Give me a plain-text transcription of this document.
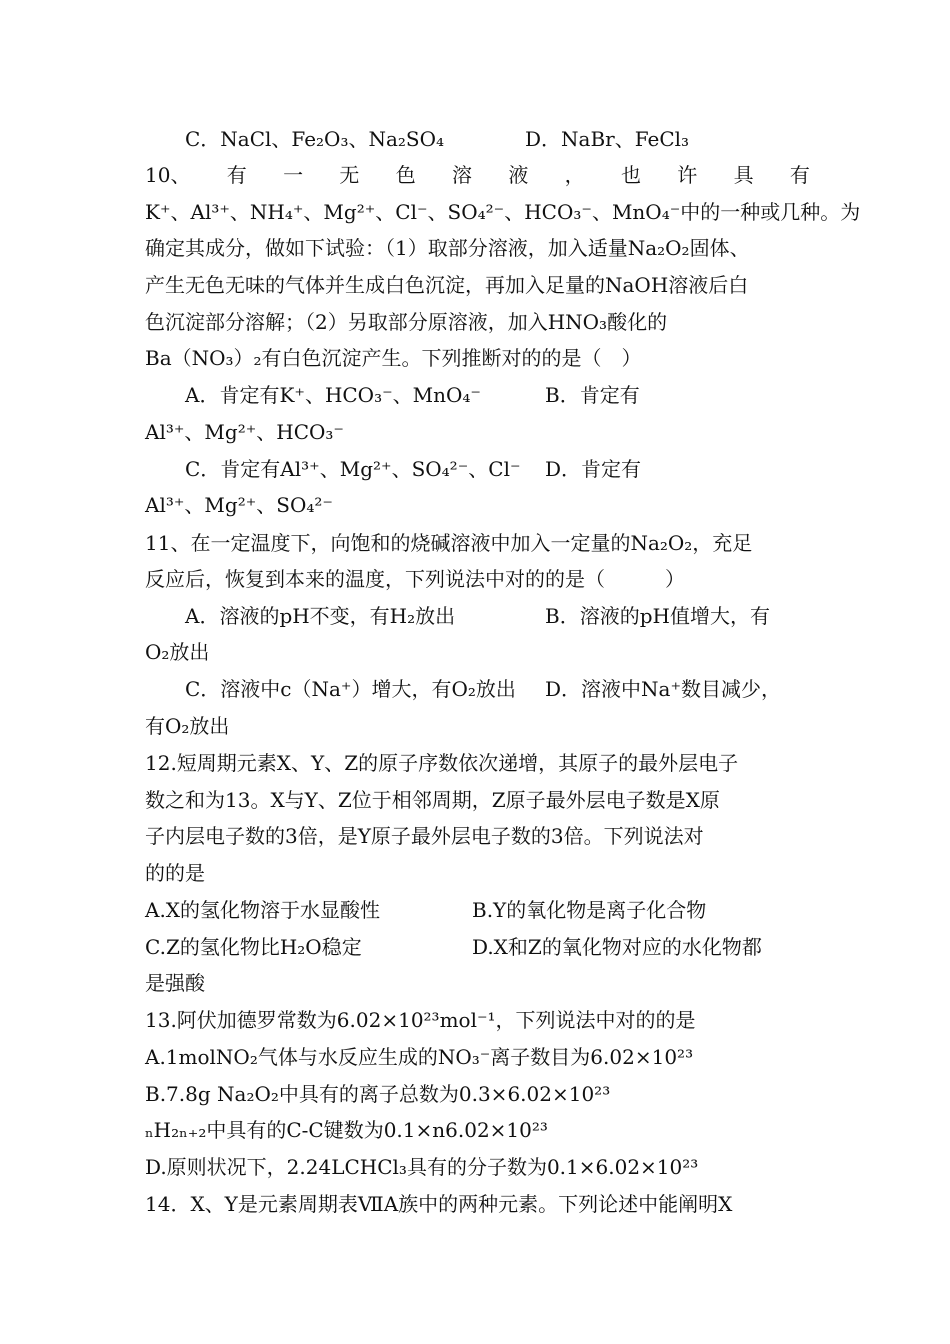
C．NaCl、Fe₂O₃、Na₂SO₄	D．NaBr、FeCl₃
10、 有 一 无 色 溶 液 ， 也 许 具 有
K⁺、Al³⁺、NH₄⁺、Mg²⁺、Cl⁻、SO₄²⁻、HCO₃⁻、MnO₄⁻中的一种或几种。为
确定其成分，做如下试验：（1）取部分溶液，加入适量Na₂O₂固体、
产生无色无味的气体并生成白色沉淀，再加入足量的NaOH溶液后白
色沉淀部分溶解；（2）另取部分原溶液，加入HNO₃酸化的
Ba（NO₃）₂有白色沉淀产生。下列推断对的的是（　）
A．肯定有K⁺、HCO₃⁻、MnO₄⁻	B．肯定有
Al³⁺、Mg²⁺、HCO₃⁻
C．肯定有Al³⁺、Mg²⁺、SO₄²⁻、Cl⁻	D．肯定有
Al³⁺、Mg²⁺、SO₄²⁻
11、在一定温度下，向饱和的烧碱溶液中加入一定量的Na₂O₂，充足
反应后，恢复到本来的温度，下列说法中对的的是（　　　）
A．溶液的pH不变，有H₂放出	B．溶液的pH值增大，有
O₂放出
C．溶液中c（Na⁺）增大，有O₂放出	D．溶液中Na⁺数目减少，
有O₂放出
12.短周期元素X、Y、Z的原子序数依次递增，其原子的最外层电子
数之和为13。X与Y、Z位于相邻周期，Z原子最外层电子数是X原
子内层电子数的3倍，是Y原子最外层电子数的3倍。下列说法对
的的是
A.X的氢化物溶于水显酸性	B.Y的氧化物是离子化合物
C.Z的氢化物比H₂O稳定	D.X和Z的氧化物对应的水化物都
是强酸
13.阿伏加德罗常数为6.02×10²³mol⁻¹，下列说法中对的的是
A.1molNO₂气体与水反应生成的NO₃⁻离子数目为6.02×10²³
B.7.8g Na₂O₂中具有的离子总数为0.3×6.02×10²³
ₙH₂ₙ₊₂中具有的C-C键数为0.1×n6.02×10²³
D.原则状况下，2.24LCHCl₃具有的分子数为0.1×6.02×10²³
14．X、Y是元素周期表ⅦA族中的两种元素。下列论述中能阐明X
